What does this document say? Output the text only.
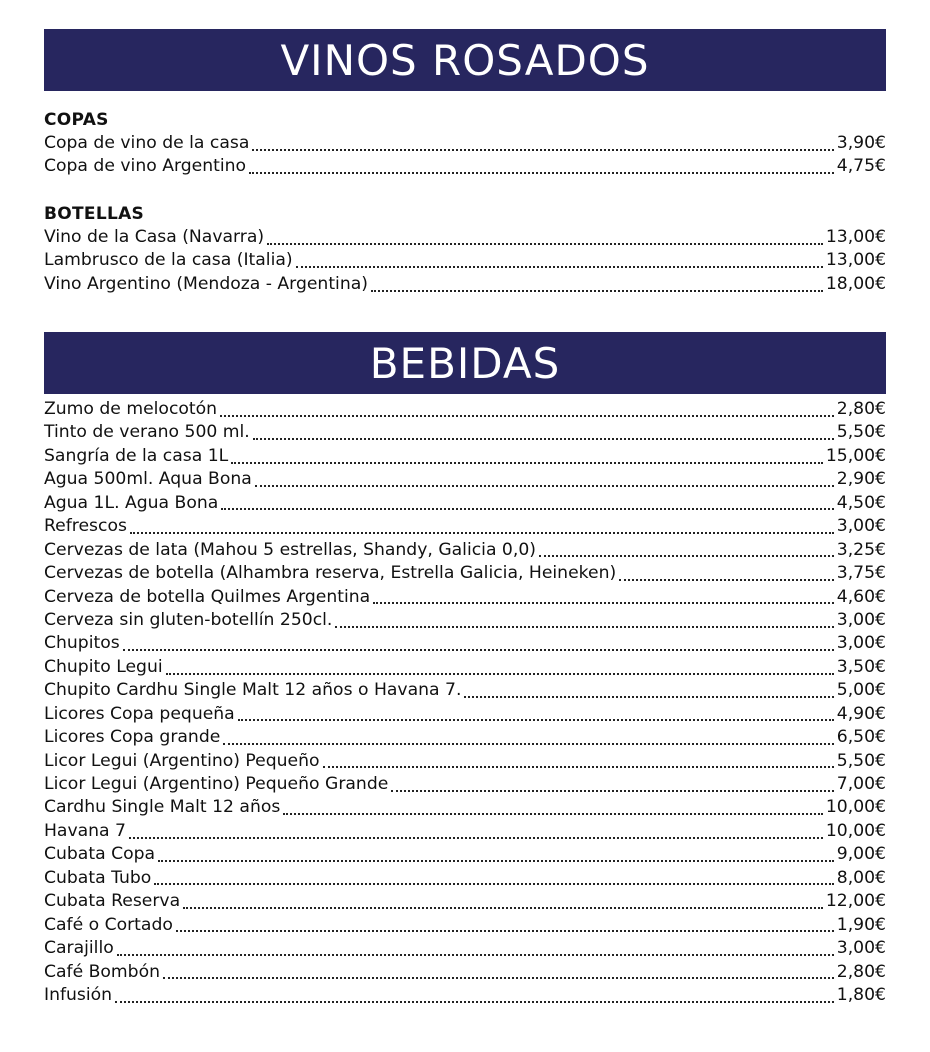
VINOS ROSADOS
COPAS
Copa de vino de la casa	3,90€
Copa de vino Argentino	4,75€
BOTELLAS
Vino de la Casa (Navarra)	13,00€
Lambrusco de la casa (Italia)	13,00€
Vino Argentino (Mendoza - Argentina)	18,00€
BEBIDAS
Zumo de melocotón	2,80€
Tinto de verano 500 ml.	5,50€
Sangría de la casa 1L	15,00€
Agua 500ml. Aqua Bona	2,90€
Agua 1L. Agua Bona	4,50€
Refrescos	3,00€
Cervezas de lata (Mahou 5 estrellas, Shandy, Galicia 0,0)	3,25€
Cervezas de botella (Alhambra reserva, Estrella Galicia, Heineken)	3,75€
Cerveza de botella Quilmes Argentina	4,60€
Cerveza sin gluten-botellín 250cl.	3,00€
Chupitos	3,00€
Chupito Legui	3,50€
Chupito Cardhu Single Malt 12 años o Havana 7.	5,00€
Licores Copa pequeña	4,90€
Licores Copa grande	6,50€
Licor Legui (Argentino) Pequeño	5,50€
Licor Legui (Argentino) Pequeño Grande	7,00€
Cardhu Single Malt 12 años	10,00€
Havana 7	10,00€
Cubata Copa	9,00€
Cubata Tubo	8,00€
Cubata Reserva	12,00€
Café o Cortado	1,90€
Carajillo	3,00€
Café Bombón	2,80€
Infusión	1,80€
